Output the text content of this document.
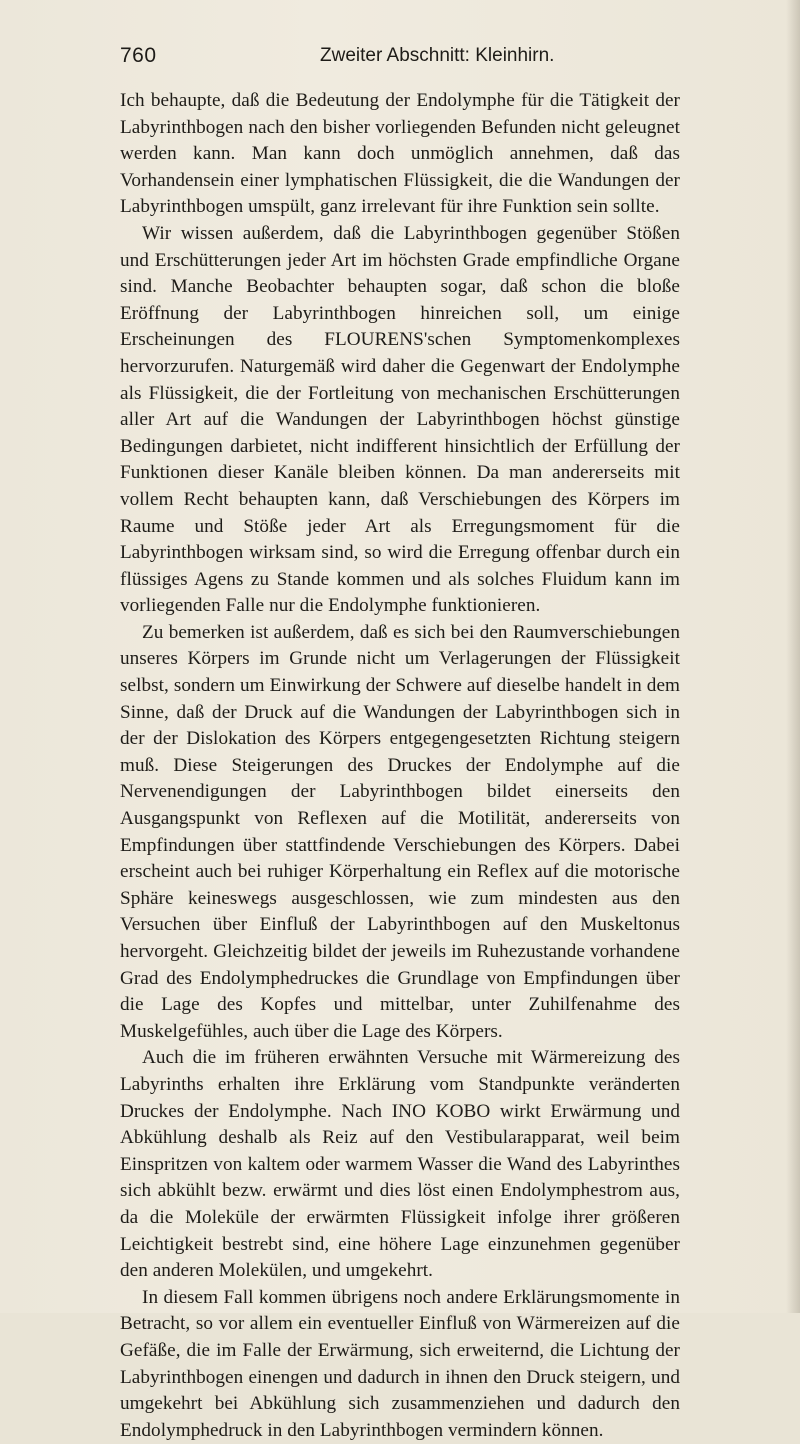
760	Zweiter Abschnitt: Kleinhirn.

Ich behaupte, daß die Bedeutung der Endolymphe für die Tätigkeit der Labyrinthbogen nach den bisher vorliegenden Befunden nicht geleugnet werden kann. Man kann doch unmöglich annehmen, daß das Vorhandensein einer lymphatischen Flüssigkeit, die die Wandungen der Labyrinthbogen umspült, ganz irrelevant für ihre Funktion sein sollte.

Wir wissen außerdem, daß die Labyrinthbogen gegenüber Stößen und Erschütterungen jeder Art im höchsten Grade empfindliche Organe sind. Manche Beobachter behaupten sogar, daß schon die bloße Eröffnung der Labyrinthbogen hinreichen soll, um einige Erscheinungen des FLOURENS'schen Symptomenkomplexes hervorzurufen. Naturgemäß wird daher die Gegenwart der Endolymphe als Flüssigkeit, die der Fortleitung von mechanischen Erschütterungen aller Art auf die Wandungen der Labyrinthbogen höchst günstige Bedingungen darbietet, nicht indifferent hinsichtlich der Erfüllung der Funktionen dieser Kanäle bleiben können. Da man andererseits mit vollem Recht behaupten kann, daß Verschiebungen des Körpers im Raume und Stöße jeder Art als Erregungsmoment für die Labyrinthbogen wirksam sind, so wird die Erregung offenbar durch ein flüssiges Agens zu Stande kommen und als solches Fluidum kann im vorliegenden Falle nur die Endolymphe funktionieren.

Zu bemerken ist außerdem, daß es sich bei den Raumverschiebungen unseres Körpers im Grunde nicht um Verlagerungen der Flüssigkeit selbst, sondern um Einwirkung der Schwere auf dieselbe handelt in dem Sinne, daß der Druck auf die Wandungen der Labyrinthbogen sich in der der Dislokation des Körpers entgegengesetzten Richtung steigern muß. Diese Steigerungen des Druckes der Endolymphe auf die Nervenendigungen der Labyrinthbogen bildet einerseits den Ausgangspunkt von Reflexen auf die Motilität, andererseits von Empfindungen über stattfindende Verschiebungen des Körpers. Dabei erscheint auch bei ruhiger Körperhaltung ein Reflex auf die motorische Sphäre keineswegs ausgeschlossen, wie zum mindesten aus den Versuchen über Einfluß der Labyrinthbogen auf den Muskeltonus hervorgeht. Gleichzeitig bildet der jeweils im Ruhezustande vorhandene Grad des Endolymphedruckes die Grundlage von Empfindungen über die Lage des Kopfes und mittelbar, unter Zuhilfenahme des Muskelgefühles, auch über die Lage des Körpers.

Auch die im früheren erwähnten Versuche mit Wärmereizung des Labyrinths erhalten ihre Erklärung vom Standpunkte veränderten Druckes der Endolymphe. Nach INO KOBO wirkt Erwärmung und Abkühlung deshalb als Reiz auf den Vestibularapparat, weil beim Einspritzen von kaltem oder warmem Wasser die Wand des Labyrinthes sich abkühlt bezw. erwärmt und dies löst einen Endolymphestrom aus, da die Moleküle der erwärmten Flüssigkeit infolge ihrer größeren Leichtigkeit bestrebt sind, eine höhere Lage einzunehmen gegenüber den anderen Molekülen, und umgekehrt.

In diesem Fall kommen übrigens noch andere Erklärungsmomente in Betracht, so vor allem ein eventueller Einfluß von Wärmereizen auf die Gefäße, die im Falle der Erwärmung, sich erweiternd, die Lichtung der Labyrinthbogen einengen und dadurch in ihnen den Druck steigern, und umgekehrt bei Abkühlung sich zusammenziehen und dadurch den Endolymphedruck in den Labyrinthbogen vermindern können.
